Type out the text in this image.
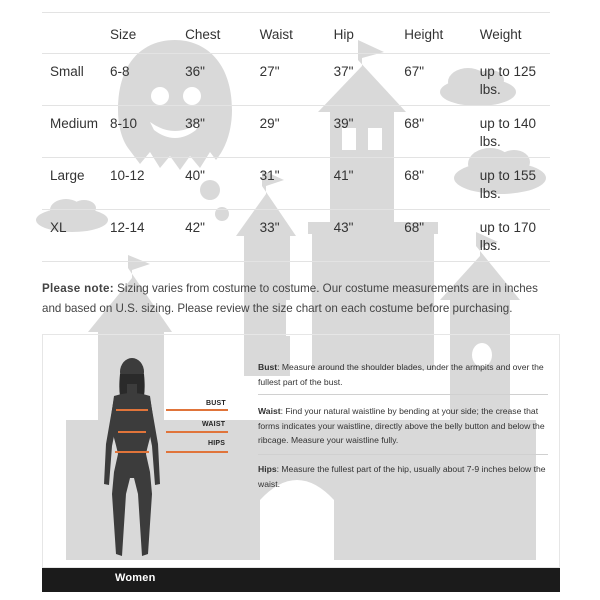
	Size	Chest	Waist	Hip	Height	Weight
Small	6-8	36"	27"	37"	67"	up to 125 lbs.
Medium	8-10	38"	29"	39"	68"	up to 140 lbs.
Large	10-12	40"	31"	41"	68"	up to 155 lbs.
XL	12-14	42"	33"	43"	68"	up to 170 lbs.
Please note: Sizing varies from costume to costume. Our costume measurements are in inches and based on U.S. sizing. Please review the size chart on each costume before purchasing.
BUST
WAIST
HIPS
Bust: Measure around the shoulder blades, under the armpits and over the fullest part of the bust.
Waist: Find your natural waistline by bending at your side; the crease that forms indicates your waistline, directly above the belly button and below the ribcage. Measure your waistline fully.
Hips: Measure the fullest part of the hip, usually about 7-9 inches below the waist.
Women
